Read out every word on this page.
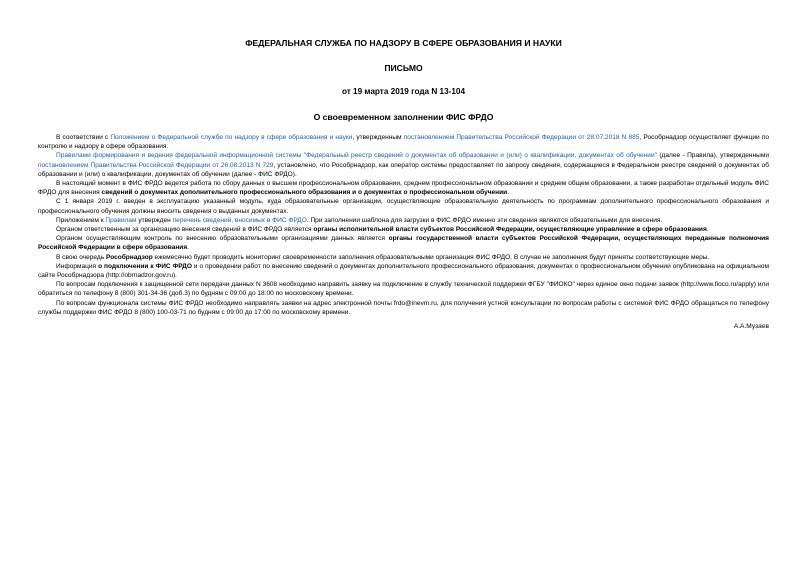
ФЕДЕРАЛЬНАЯ СЛУЖБА ПО НАДЗОРУ В СФЕРЕ ОБРАЗОВАНИЯ И НАУКИ

ПИСЬМО

от 19 марта 2019 года N 13-104

О своевременном заполнении ФИС ФРДО

В соответствии с Положением о Федеральной службе по надзору в сфере образования и науки, утвержденным постановлением Правительства Российской Федерации от 28.07.2018 N 885, Рособрнадзор осуществляет функции по контролю и надзору в сфере образования.

Правилами формирования и ведения федеральной информационной системы "Федеральный реестр сведений о документах об образовании и (или) о квалификации, документах об обучении" (далее - Правила), утвержденными постановлением Правительства Российской Федерации от 26.08.2013 N 729, установлено, что Рособрнадзор, как оператор системы предоставляет по запросу сведения, содержащиеся в Федеральном реестре сведений о документах об образовании и (или) о квалификации, документах об обучении (далее - ФИС ФРДО).

В настоящий момент в ФИС ФРДО ведется работа по сбору данных о высшем профессиональном образовании, среднем профессиональном образовании и среднем общем образовании, а также разработан отдельный модуль ФИС ФРДО для внесения сведений о документах дополнительного профессионального образования и о документах о профессиональном обучении.

С 1 января 2019 г. введен в эксплуатацию указанный модуль, куда образовательные организации, осуществляющие образовательную деятельность по программам дополнительного профессионального образования и профессионального обучения должны вносить сведения о выданных документах.

Приложением к Правилам утвержден перечень сведений, вносимых в ФИС ФРДО. При заполнении шаблона для загрузки в ФИС ФРДО именно эти сведения являются обязательными для внесения.

Органом ответственным за организацию внесения сведений в ФИС ФРДО является органы исполнительной власти субъектов Российской Федерации, осуществляющие управление в сфере образования.

Органом осуществляющим контроль по внесению образовательными организациями данных является органы государственной власти субъектов Российской Федерации, осуществляющих переданные полномочия Российской Федерации в сфере образования.

В свою очередь Рособрнадзор ежемесячно будет проводить мониторинг своевременности заполнения образовательными организация ФИС ФРДО. В случае не заполнения будут приняты соответствующие меры.

Информация о подключении к ФИС ФРДО и о проведении работ по внесению сведений о документах дополнительного профессионального образования, документах о профессиональном обучении опубликована на официальном сайте Рособрнадзора (http://obrnadzor.gov.ru).

По вопросам подключения к защищенной сети передачи данных N 3608 необходимо направить заявку на подключение в службу технической поддержки ФГБУ "ФИОКО" через единое окно подачи заявок (http://www.fioco.ru/apply) или обратиться по телефону 8 (800) 301-34-36 (доб.3) по будням с 09:00 до 18:00 по московскому времени.

По вопросам функционала системы ФИС ФРДО необходимо направлять заявки на адрес электронной почты frdo@inevm.ru, для получения устной консультации по вопросам работы с системой ФИС ФРДО обращаться по телефону службы поддержки ФИС ФРДО 8 (800) 100-03-71 по будням с 09:00 до 17:00 по московскому времени.

А.А.Музаев
